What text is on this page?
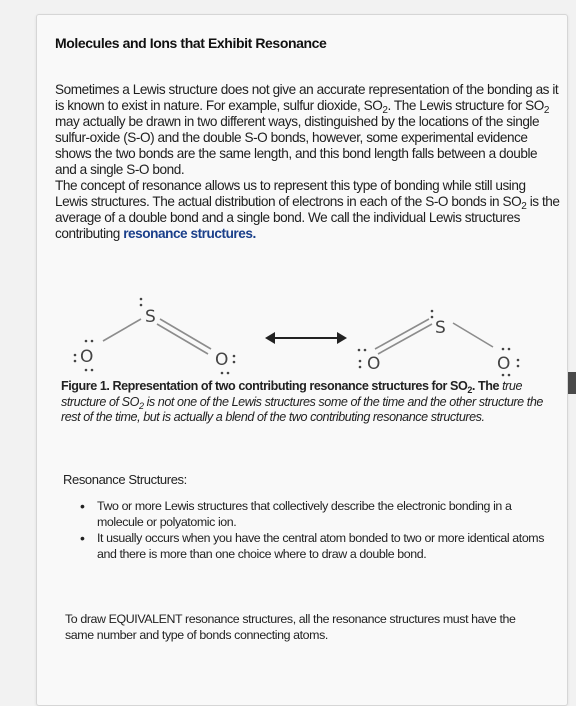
Molecules and Ions that Exhibit Resonance

Sometimes a Lewis structure does not give an accurate representation of the bonding as it is known to exist in nature. For example, sulfur dioxide, $SO_2$. The Lewis structure for $SO_2$ may actually be drawn in two different ways, distinguished by the locations of the single sulfur-oxide (S-O) and the double S-O bonds, however, some experimental evidence shows the two bonds are the same length, and this bond length falls between a double and a single S-O bond.

The concept of resonance allows us to represent this type of bonding while still using Lewis structures. The actual distribution of electrons in each of the S-O bonds in $SO_2$ is the average of a double bond and a single bond. We call the individual Lewis structures contributing resonance structures.

S
O	O
S
O	O
Figure 1. Representation of two contributing resonance structures for $SO_2$. The true structure of $SO_2$ is not one of the Lewis structures some of the time and the other structure the rest of the time, but is actually a blend of the two contributing resonance structures.
Resonance Structures:
• Two or more Lewis structures that collectively describe the electronic bonding in a molecule or polyatomic ion.
• It usually occurs when you have the central atom bonded to two or more identical atoms and there is more than one choice where to draw a double bond.
To draw EQUIVALENT resonance structures, all the resonance structures must have the same number and type of bonds connecting atoms.
